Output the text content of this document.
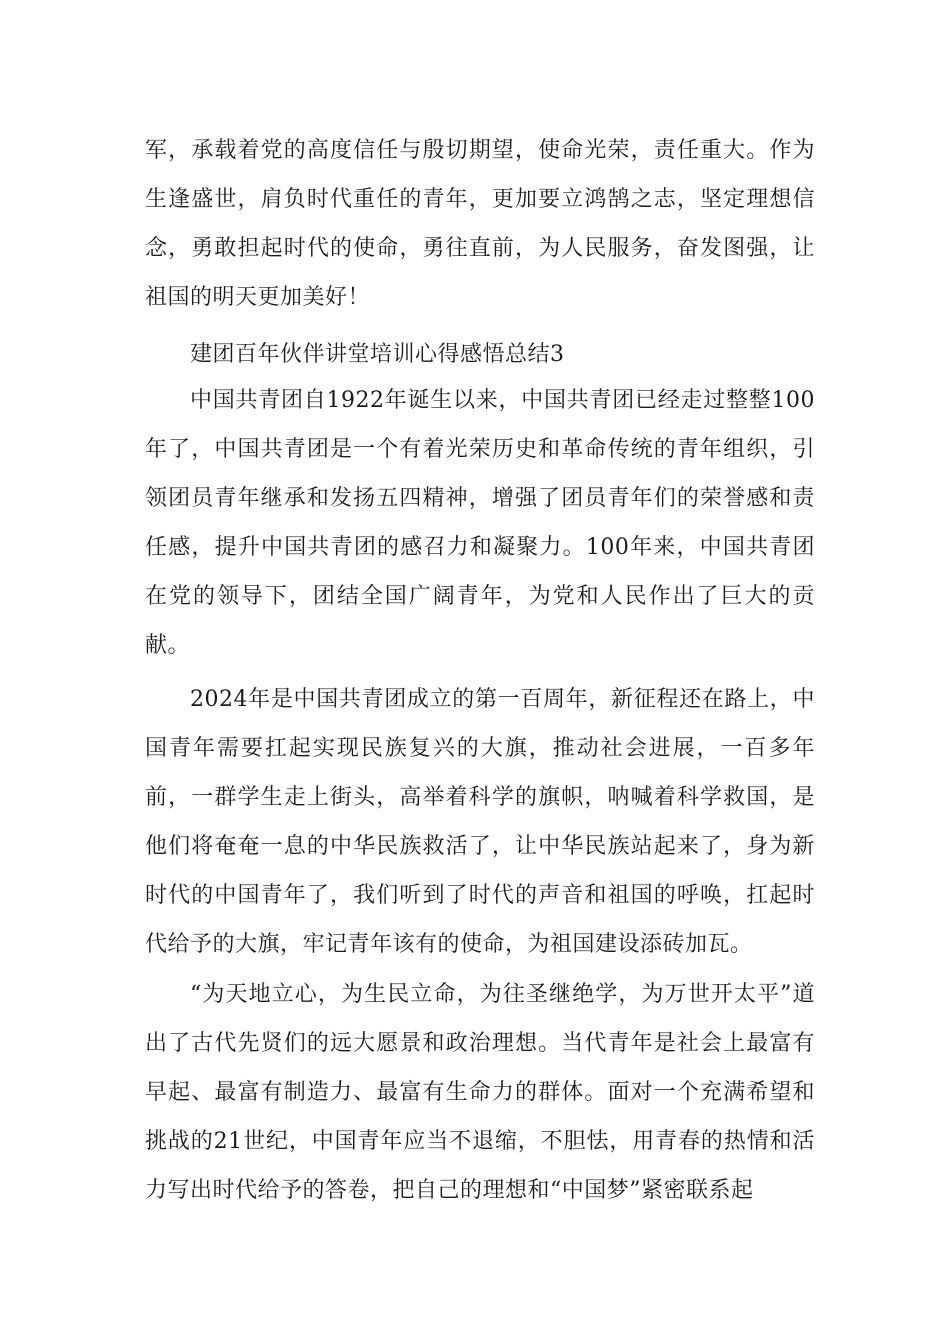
军，承载着党的高度信任与殷切期望，使命光荣，责任重大。作为生逢盛世，肩负时代重任的青年，更加要立鸿鹄之志，坚定理想信念，勇敢担起时代的使命，勇往直前，为人民服务，奋发图强，让祖国的明天更加美好！

建团百年伙伴讲堂培训心得感悟总结3

中国共青团自1922年诞生以来，中国共青团已经走过整整100年了，中国共青团是一个有着光荣历史和革命传统的青年组织，引领团员青年继承和发扬五四精神，增强了团员青年们的荣誉感和责任感，提升中国共青团的感召力和凝聚力。100年来，中国共青团在党的领导下，团结全国广阔青年，为党和人民作出了巨大的贡献。

2024年是中国共青团成立的第一百周年，新征程还在路上，中国青年需要扛起实现民族复兴的大旗，推动社会进展，一百多年前，一群学生走上街头，高举着科学的旗帜，呐喊着科学救国，是他们将奄奄一息的中华民族救活了，让中华民族站起来了，身为新时代的中国青年了，我们听到了时代的声音和祖国的呼唤，扛起时代给予的大旗，牢记青年该有的使命，为祖国建设添砖加瓦。

“为天地立心，为生民立命，为往圣继绝学，为万世开太平”道出了古代先贤们的远大愿景和政治理想。当代青年是社会上最富有早起、最富有制造力、最富有生命力的群体。面对一个充满希望和挑战的21世纪，中国青年应当不退缩，不胆怯，用青春的热情和活力写出时代给予的答卷，把自己的理想和“中国梦”紧密联系起
